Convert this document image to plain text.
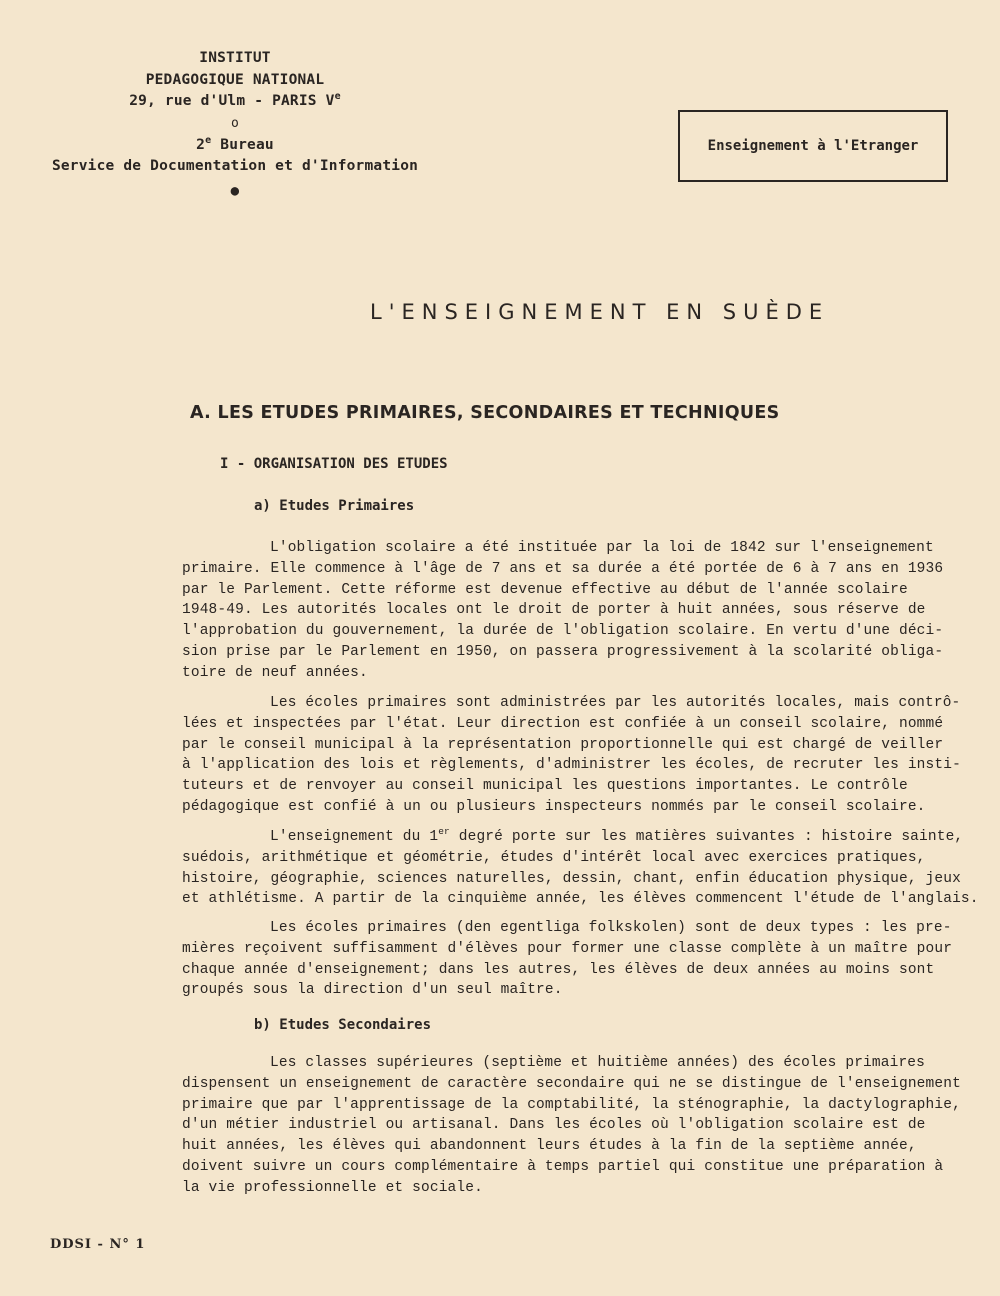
INSTITUT
PEDAGOGIQUE NATIONAL
29, rue d'Ulm - PARIS Ve
o
2e Bureau
Service de Documentation et d'Information
●
Enseignement à l'Etranger
L'ENSEIGNEMENT EN SUÈDE
A. LES ETUDES PRIMAIRES, SECONDAIRES ET TECHNIQUES
I - ORGANISATION DES ETUDES
a) Etudes Primaires
L'obligation scolaire a été instituée par la loi de 1842 sur l'enseignement
primaire. Elle commence à l'âge de 7 ans et sa durée a été portée de 6 à 7 ans en 1936
par le Parlement. Cette réforme est devenue effective au début de l'année scolaire
1948-49. Les autorités locales ont le droit de porter à huit années, sous réserve de
l'approbation du gouvernement, la durée de l'obligation scolaire. En vertu d'une déci-
sion prise par le Parlement en 1950, on passera progressivement à la scolarité obliga-
toire de neuf années.
Les écoles primaires sont administrées par les autorités locales, mais contrô-
lées et inspectées par l'état. Leur direction est confiée à un conseil scolaire, nommé
par le conseil municipal à la représentation proportionnelle qui est chargé de veiller
à l'application des lois et règlements, d'administrer les écoles, de recruter les insti-
tuteurs et de renvoyer au conseil municipal les questions importantes. Le contrôle
pédagogique est confié à un ou plusieurs inspecteurs nommés par le conseil scolaire.
L'enseignement du 1er degré porte sur les matières suivantes : histoire sainte,
suédois, arithmétique et géométrie, études d'intérêt local avec exercices pratiques,
histoire, géographie, sciences naturelles, dessin, chant, enfin éducation physique, jeux
et athlétisme. A partir de la cinquième année, les élèves commencent l'étude de l'anglais.
Les écoles primaires (den egentliga folkskolen) sont de deux types : les pre-
mières reçoivent suffisamment d'élèves pour former une classe complète à un maître pour
chaque année d'enseignement; dans les autres, les élèves de deux années au moins sont
groupés sous la direction d'un seul maître.
b) Etudes Secondaires
Les classes supérieures (septième et huitième années) des écoles primaires
dispensent un enseignement de caractère secondaire qui ne se distingue de l'enseignement
primaire que par l'apprentissage de la comptabilité, la sténographie, la dactylographie,
d'un métier industriel ou artisanal. Dans les écoles où l'obligation scolaire est de
huit années, les élèves qui abandonnent leurs études à la fin de la septième année,
doivent suivre un cours complémentaire à temps partiel qui constitue une préparation à
la vie professionnelle et sociale.
DDSI - N° 1
